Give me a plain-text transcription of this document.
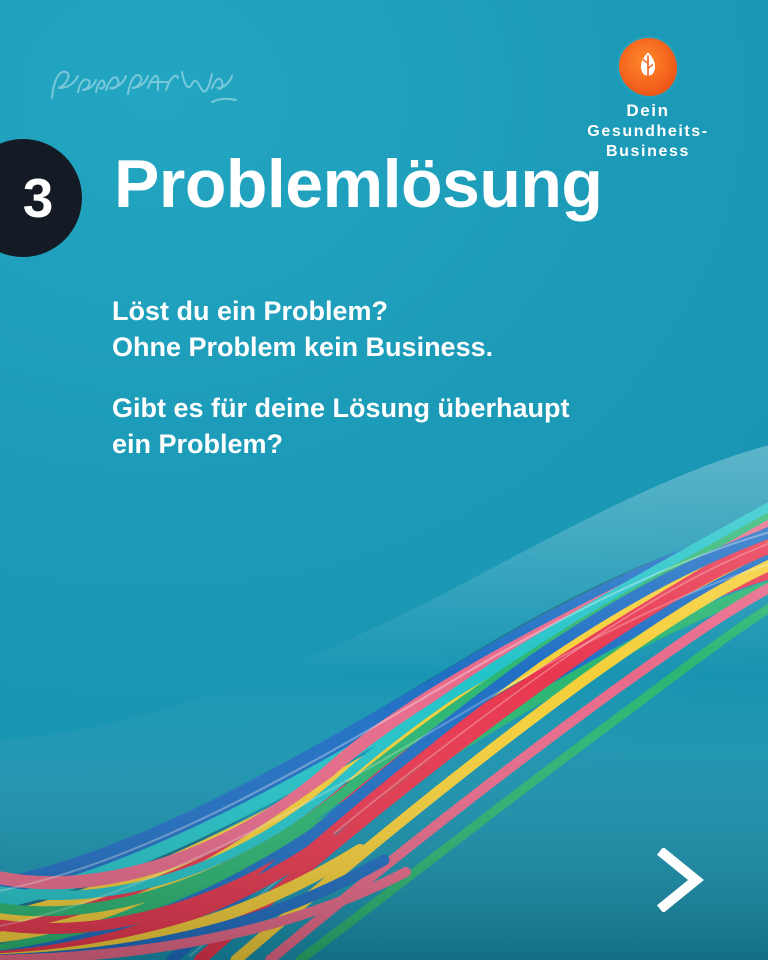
Dein
Gesundheits-
Business
3 Problemlösung

Löst du ein Problem?

Ohne Problem kein Business.

Gibt es für deine Lösung überhaupt

ein Problem?
